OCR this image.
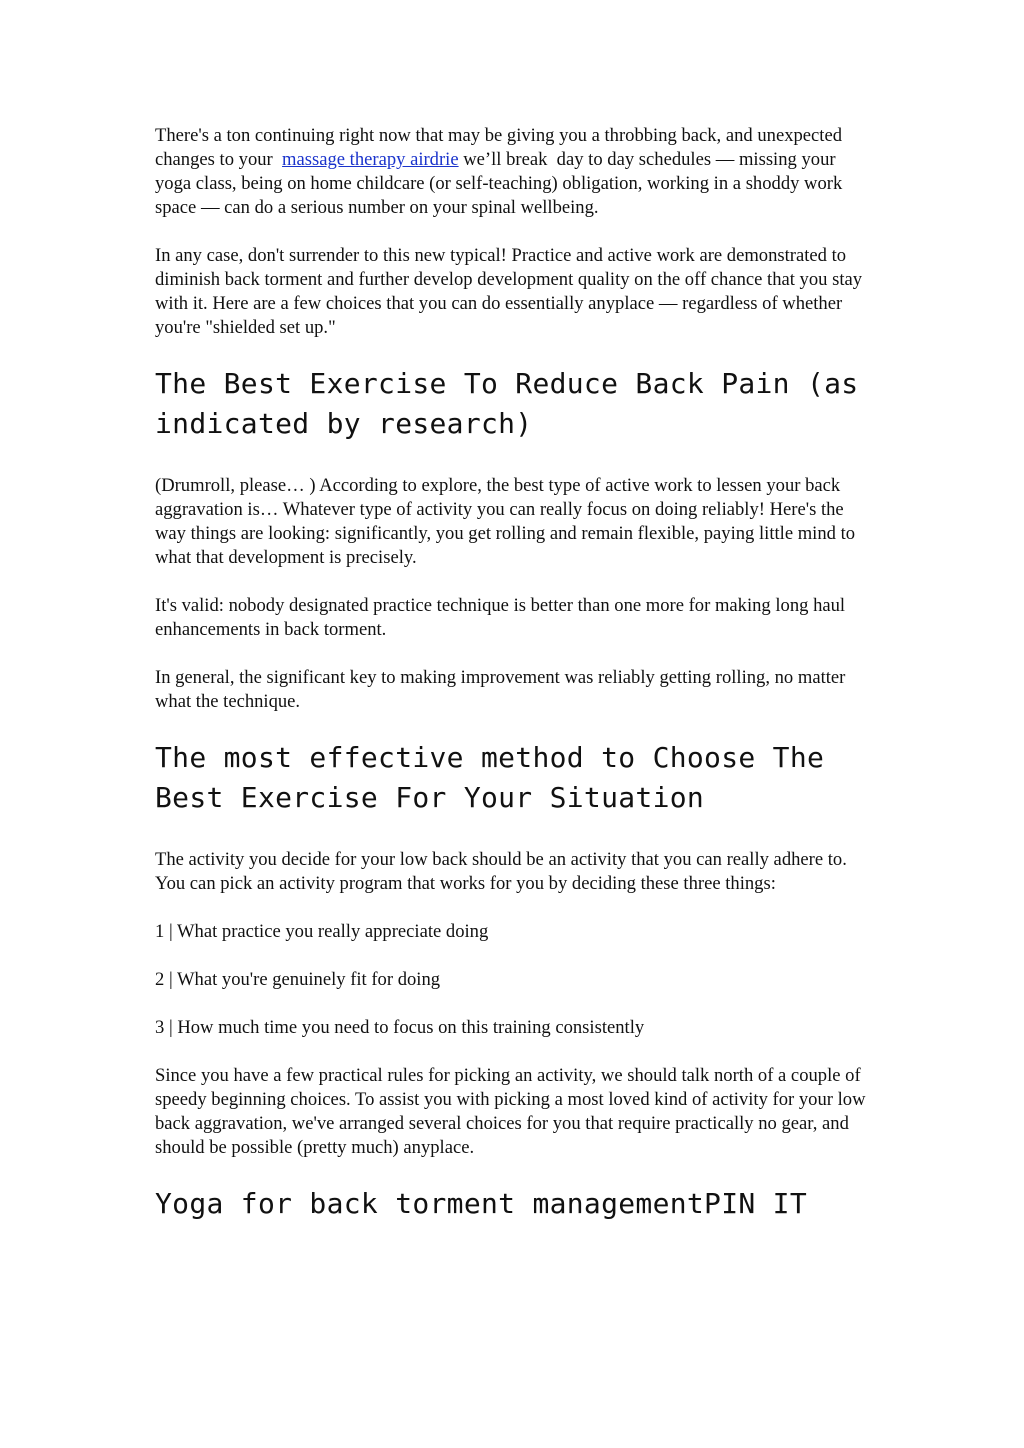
There's a ton continuing right now that may be giving you a throbbing back, and unexpected changes to your  massage therapy airdrie we’ll break  day to day schedules — missing your yoga class, being on home childcare (or self-teaching) obligation, working in a shoddy work space — can do a serious number on your spinal wellbeing.

In any case, don't surrender to this new typical! Practice and active work are demonstrated to diminish back torment and further develop development quality on the off chance that you stay with it. Here are a few choices that you can do essentially anyplace — regardless of whether you're "shielded set up."

The Best Exercise To Reduce Back Pain (as indicated by research)

(Drumroll, please… ) According to explore, the best type of active work to lessen your back aggravation is… Whatever type of activity you can really focus on doing reliably! Here's the way things are looking: significantly, you get rolling and remain flexible, paying little mind to what that development is precisely.

It's valid: nobody designated practice technique is better than one more for making long haul enhancements in back torment.

In general, the significant key to making improvement was reliably getting rolling, no matter what the technique.

The most effective method to Choose The Best Exercise For Your Situation

The activity you decide for your low back should be an activity that you can really adhere to. You can pick an activity program that works for you by deciding these three things:

1 | What practice you really appreciate doing

2 | What you're genuinely fit for doing

3 | How much time you need to focus on this training consistently

Since you have a few practical rules for picking an activity, we should talk north of a couple of speedy beginning choices. To assist you with picking a most loved kind of activity for your low back aggravation, we've arranged several choices for you that require practically no gear, and should be possible (pretty much) anyplace.

Yoga for back torment managementPIN IT
